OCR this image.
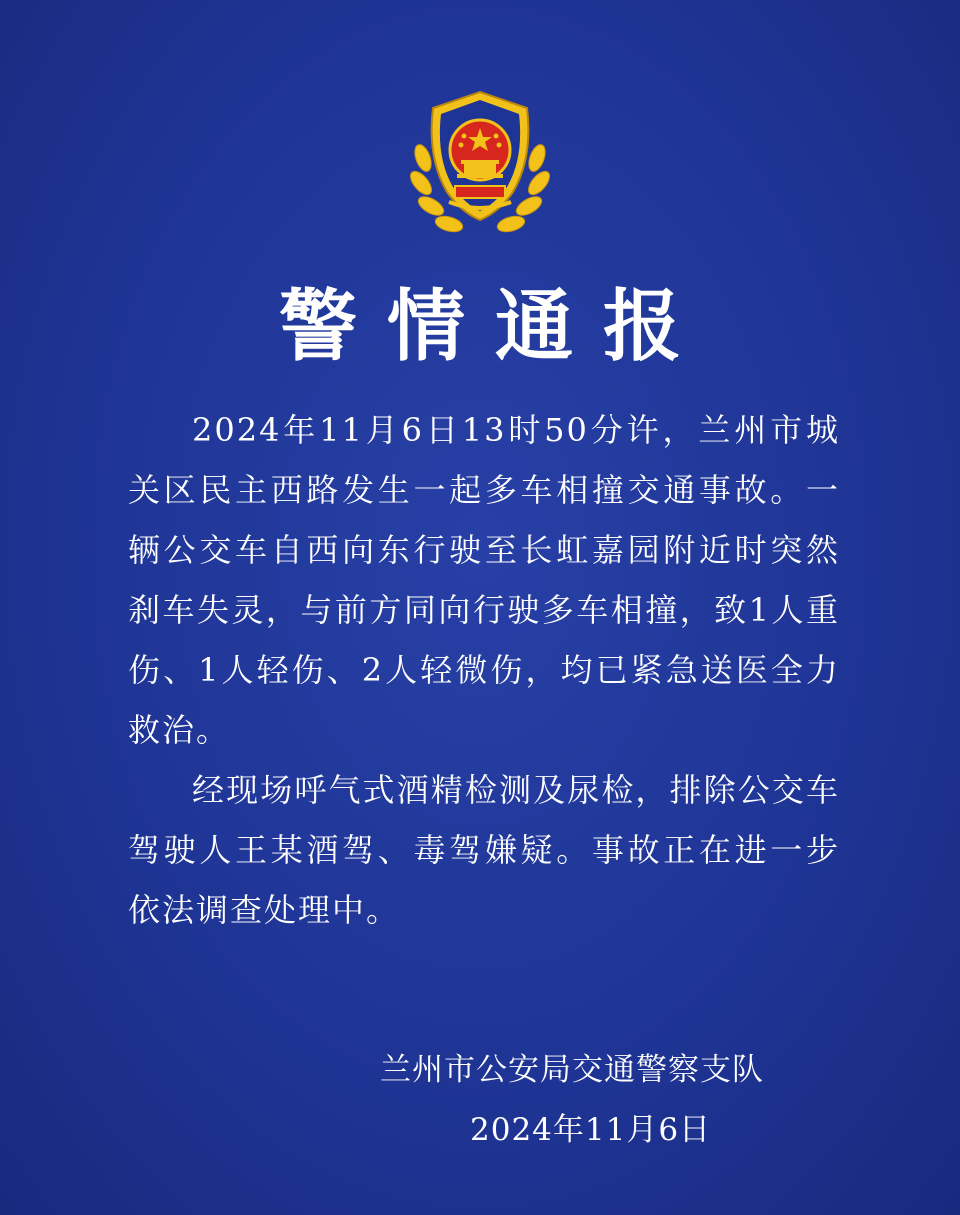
警情通报

2024年11月6日13时50分许，兰州市城关区民主西路发生一起多车相撞交通事故。一辆公交车自西向东行驶至长虹嘉园附近时突然刹车失灵，与前方同向行驶多车相撞，致1人重伤、1人轻伤、2人轻微伤，均已紧急送医全力救治。

经现场呼气式酒精检测及尿检，排除公交车驾驶人王某酒驾、毒驾嫌疑。事故正在进一步依法调查处理中。

兰州市公安局交通警察支队
2024年11月6日
